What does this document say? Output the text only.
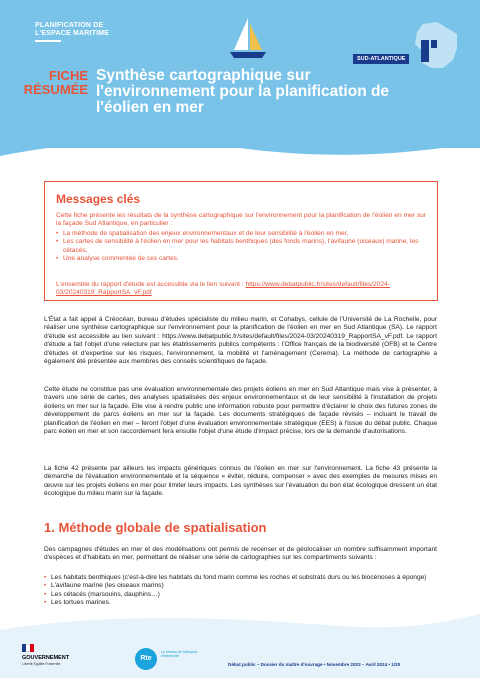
PLANIFICATION DE
L'ESPACE MARITIME
SUD-ATLANTIQUE
FICHE
RÉSUMÉE
Synthèse cartographique sur l'environnement pour la planification de l'éolien en mer
Messages clés
Cette fiche présente les résultats de la synthèse cartographique sur l'environnement pour la planification de l'éolien en mer sur la façade Sud Atlantique, en particulier :
• La méthode de spatialisation des enjeux environnementaux et de leur sensibilité à l'éolien en mer,
• Les cartes de sensibilité à l'éolien en mer pour les habitats benthiques (des fonds marins), l'avifaune (oiseaux) marine, les cétacés,
• Une analyse commentée de ces cartes.
L'ensemble du rapport d'étude est accessible via le lien suivant : https://www.debatpublic.fr/sites/default/files/2024-03/20240319_RapportSA_vF.pdf

L'État a fait appel à Créocéan, bureau d'études spécialiste du milieu marin, et Cohabys, cellule de l'Université de La Rochelle, pour réaliser une synthèse cartographique sur l'environnement pour la planification de l'éolien en mer en Sud Atlantique (SA). Le rapport d'étude est accessible au lien suivant : https://www.debatpublic.fr/sites/default/files/2024-03/20240319_RapportSA_vF.pdf. Le rapport d'étude a fait l'objet d'une relecture par les établissements publics compétents : l'Office français de la biodiversité (OFB) et le Centre d'études et d'expertise sur les risques, l'environnement, la mobilité et l'aménagement (Cerema). La méthode de cartographie a également été présentée aux membres des conseils scientifiques de façade.

Cette étude ne constitue pas une évaluation environnementale des projets éoliens en mer en Sud Atlantique mais vise à présenter, à travers une série de cartes, des analyses spatialisées des enjeux environnementaux et de leur sensibilité à l'installation de projets éoliens en mer sur la façade. Elle vise à rendre public une information robuste pour permettre d'éclairer le choix des futures zones de développement de parcs éoliens en mer sur la façade. Les documents stratégiques de façade révisés – incluant le travail de planification de l'éolien en mer – feront l'objet d'une évaluation environnementale stratégique (EES) à l'issue du débat public. Chaque parc éolien en mer et son raccordement fera ensuite l'objet d'une étude d'impact précise, lors de la demande d'autorisations.

La fiche 42 présente par ailleurs les impacts génériques connus de l'éolien en mer sur l'environnement. La fiche 43 présente la démarche de l'évaluation environnementale et la séquence « éviter, réduire, compenser » avec des exemples de mesures mises en œuvre sur les projets éoliens en mer pour limiter leurs impacts. Les synthèses sur l'évaluation du bon état écologique dressent un état écologique du milieu marin sur la façade.

1. Méthode globale de spatialisation

Des campagnes d'études en mer et des modélisations ont permis de recenser et de géolocaliser un nombre suffisamment important d'espèces et d'habitats en mer, permettant de réaliser une série de cartographies sur les compartiments suivants :

• Les habitats benthiques (c'est-à-dire les habitats du fond marin comme les roches et substrats durs ou les biocénoses à éponge)
• L'avifaune marine (les oiseaux marins)
• Les cétacés (marsouins, dauphins…)
• Les tortues marines.
GOUVERNEMENT
Liberté Égalité Fraternité
Rte
Le réseau de transport d'électricité
Débat public – Dossier du maître d'ouvrage • Novembre 2023 – Avril 2024 • 1/20
